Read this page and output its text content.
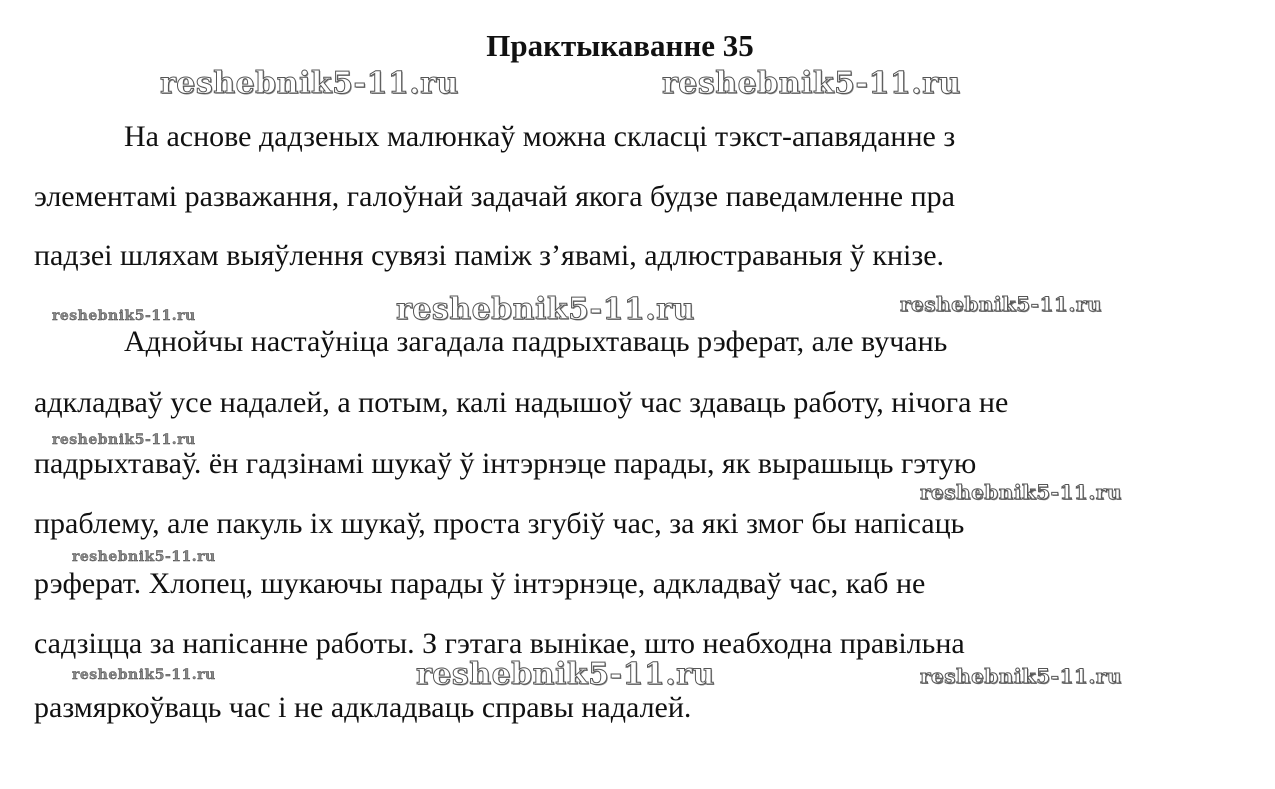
Практыкаванне 35
reshebnik5-11.ru	reshebnik5-11.ru
reshebnik5-11.ru	reshebnik5-11.ru	reshebnik5-11.ru
reshebnik5-11.ru
reshebnik5-11.ru
reshebnik5-11.ru
reshebnik5-11.ru	reshebnik5-11.ru	reshebnik5-11.ru
На аснове дадзеных малюнкаў можна скласці тэкст-апавяданне з
элементамі разважання, галоўнай задачай якога будзе паведамленне пра
падзеі шляхам выяўлення сувязі паміж з’явамі, адлюстраваныя ў кнізе.
Аднойчы настаўніца загадала падрыхтаваць рэферат, але вучань
адкладваў усе надалей, а потым, калі надышоў час здаваць работу, нічога не
падрыхтаваў. ён гадзінамі шукаў ў інтэрнэце парады, як вырашыць гэтую
праблему, але пакуль іх шукаў, проста згубіў час, за які змог бы напісаць
рэферат. Хлопец, шукаючы парады ў інтэрнэце, адкладваў час, каб не
садзіцца за напісанне работы. З гэтага вынікае, што неабходна правільна
размяркоўваць час і не адкладваць справы надалей.
